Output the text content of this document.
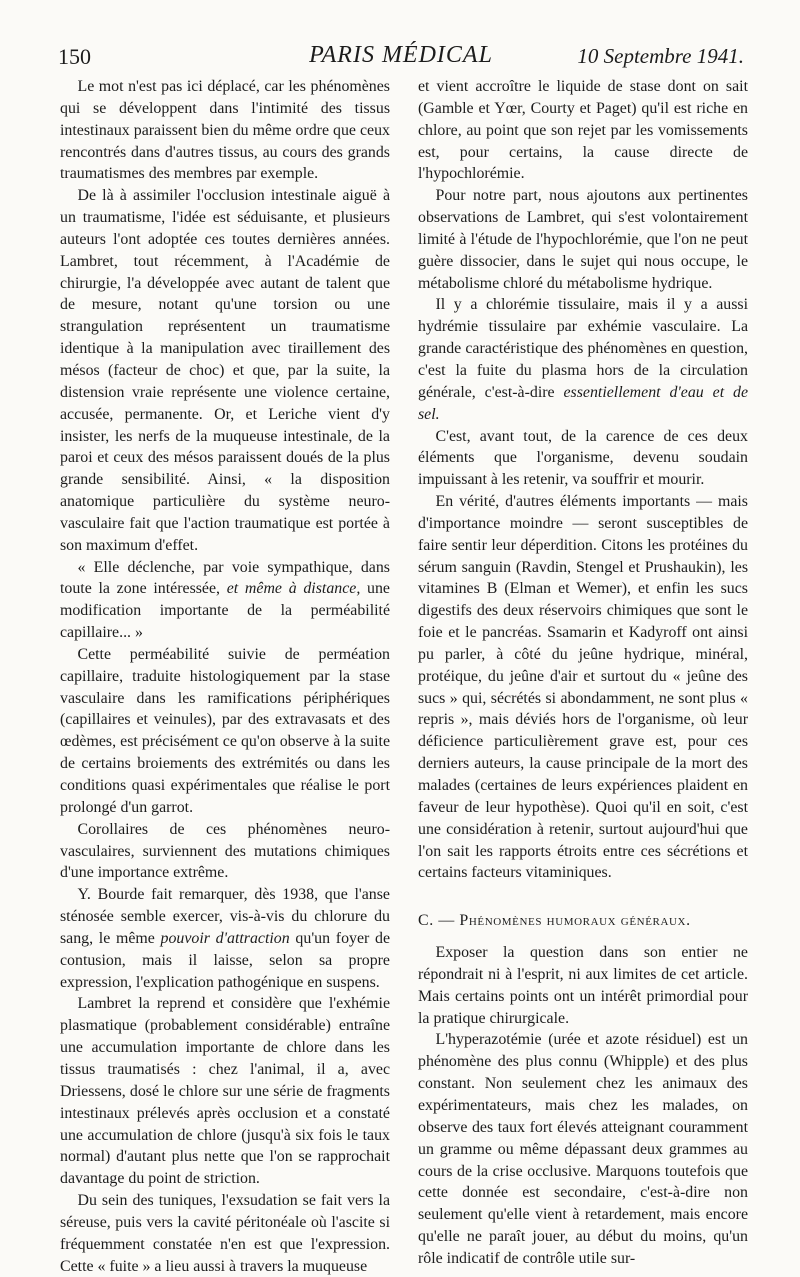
150	PARIS MÉDICAL	10 Septembre 1941.

Le mot n'est pas ici déplacé, car les phénomènes qui se développent dans l'intimité des tissus intestinaux paraissent bien du même ordre que ceux rencontrés dans d'autres tissus, au cours des grands traumatismes des membres par exemple.

De là à assimiler l'occlusion intestinale aiguë à un traumatisme, l'idée est séduisante, et plusieurs auteurs l'ont adoptée ces toutes dernières années. Lambret, tout récemment, à l'Académie de chirurgie, l'a développée avec autant de talent que de mesure, notant qu'une torsion ou une strangulation représentent un traumatisme identique à la manipulation avec tiraillement des mésos (facteur de choc) et que, par la suite, la distension vraie représente une violence certaine, accusée, permanente. Or, et Leriche vient d'y insister, les nerfs de la muqueuse intestinale, de la paroi et ceux des mésos paraissent doués de la plus grande sensibilité. Ainsi, « la disposition anatomique particulière du système neuro-vasculaire fait que l'action traumatique est portée à son maximum d'effet.

« Elle déclenche, par voie sympathique, dans toute la zone intéressée, et même à distance, une modification importante de la perméabilité capillaire... »

Cette perméabilité suivie de perméation capillaire, traduite histologiquement par la stase vasculaire dans les ramifications périphériques (capillaires et veinules), par des extravasats et des œdèmes, est précisément ce qu'on observe à la suite de certains broiements des extrémités ou dans les conditions quasi expérimentales que réalise le port prolongé d'un garrot.

Corollaires de ces phénomènes neuro-vasculaires, surviennent des mutations chimiques d'une importance extrême.

Y. Bourde fait remarquer, dès 1938, que l'anse sténosée semble exercer, vis-à-vis du chlorure du sang, le même pouvoir d'attraction qu'un foyer de contusion, mais il laisse, selon sa propre expression, l'explication pathogénique en suspens.

Lambret la reprend et considère que l'exhémie plasmatique (probablement considérable) entraîne une accumulation importante de chlore dans les tissus traumatisés : chez l'animal, il a, avec Driessens, dosé le chlore sur une série de fragments intestinaux prélevés après occlusion et a constaté une accumulation de chlore (jusqu'à six fois le taux normal) d'autant plus nette que l'on se rapprochait davantage du point de striction.

Du sein des tuniques, l'exsudation se fait vers la séreuse, puis vers la cavité péritonéale où l'ascite si fréquemment constatée n'en est que l'expression. Cette « fuite » a lieu aussi à travers la muqueuse

et vient accroître le liquide de stase dont on sait (Gamble et Yœr, Courty et Paget) qu'il est riche en chlore, au point que son rejet par les vomissements est, pour certains, la cause directe de l'hypochlorémie.

Pour notre part, nous ajoutons aux pertinentes observations de Lambret, qui s'est volontairement limité à l'étude de l'hypochlorémie, que l'on ne peut guère dissocier, dans le sujet qui nous occupe, le métabolisme chloré du métabolisme hydrique.

Il y a chlorémie tissulaire, mais il y a aussi hydrémie tissulaire par exhémie vasculaire. La grande caractéristique des phénomènes en question, c'est la fuite du plasma hors de la circulation générale, c'est-à-dire essentiellement d'eau et de sel.

C'est, avant tout, de la carence de ces deux éléments que l'organisme, devenu soudain impuissant à les retenir, va souffrir et mourir.

En vérité, d'autres éléments importants — mais d'importance moindre — seront susceptibles de faire sentir leur déperdition. Citons les protéines du sérum sanguin (Ravdin, Stengel et Prushaukin), les vitamines B (Elman et Wemer), et enfin les sucs digestifs des deux réservoirs chimiques que sont le foie et le pancréas. Ssamarin et Kadyroff ont ainsi pu parler, à côté du jeûne hydrique, minéral, protéique, du jeûne d'air et surtout du « jeûne des sucs » qui, sécrétés si abondamment, ne sont plus « repris », mais déviés hors de l'organisme, où leur déficience particulièrement grave est, pour ces derniers auteurs, la cause principale de la mort des malades (certaines de leurs expériences plaident en faveur de leur hypothèse). Quoi qu'il en soit, c'est une considération à retenir, surtout aujourd'hui que l'on sait les rapports étroits entre ces sécrétions et certains facteurs vitaminiques.

C. — Phénomènes humoraux généraux.

Exposer la question dans son entier ne répondrait ni à l'esprit, ni aux limites de cet article. Mais certains points ont un intérêt primordial pour la pratique chirurgicale.

L'hyperazotémie (urée et azote résiduel) est un phénomène des plus connu (Whipple) et des plus constant. Non seulement chez les animaux des expérimentateurs, mais chez les malades, on observe des taux fort élevés atteignant couramment un gramme ou même dépassant deux grammes au cours de la crise occlusive. Marquons toutefois que cette donnée est secondaire, c'est-à-dire non seulement qu'elle vient à retardement, mais encore qu'elle ne paraît jouer, au début du moins, qu'un rôle indicatif de contrôle utile sur-
